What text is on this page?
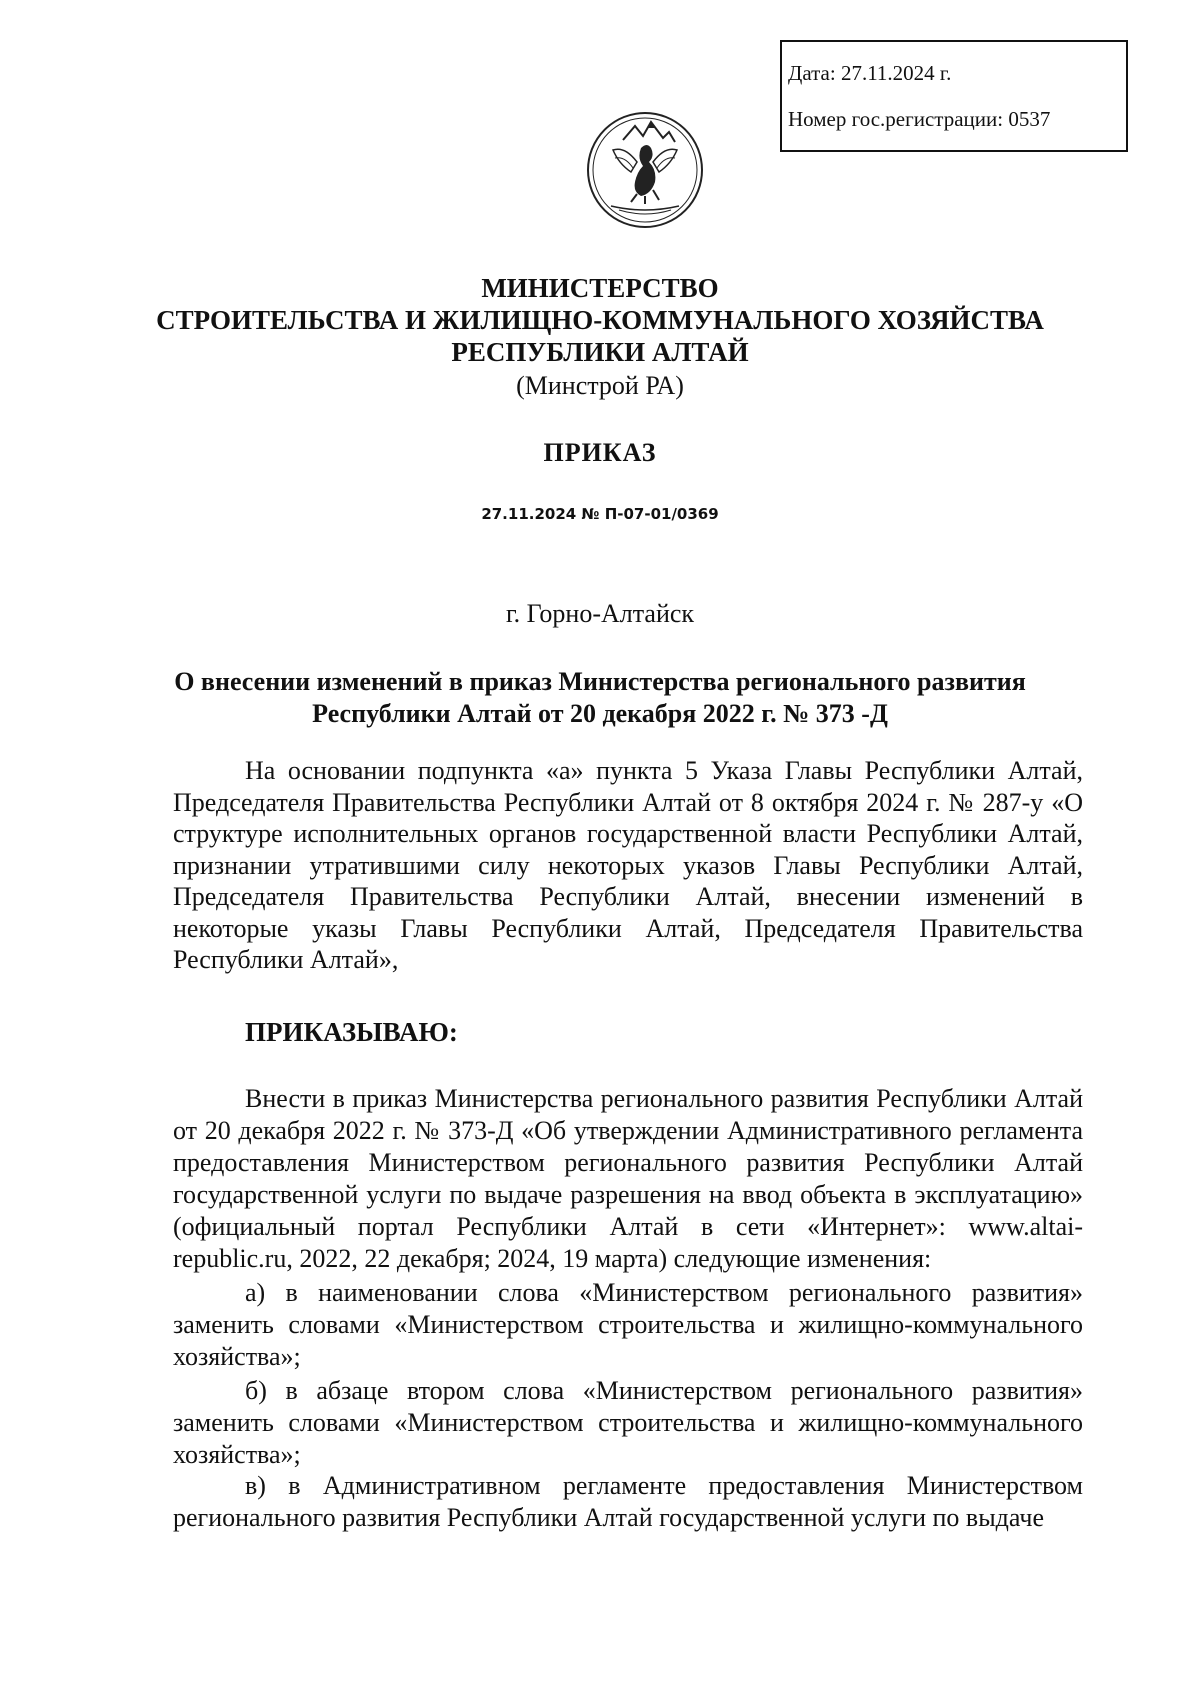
Дата: 27.11.2024 г.
Номер гос.регистрации: 0537
МИНИСТЕРСТВО
СТРОИТЕЛЬСТВА И ЖИЛИЩНО-КОММУНАЛЬНОГО ХОЗЯЙСТВА
РЕСПУБЛИКИ АЛТАЙ
(Минстрой РА)
ПРИКАЗ
27.11.2024 № П-07-01/0369
г. Горно-Алтайск
О внесении изменений в приказ Министерства регионального развития
Республики Алтай от 20 декабря 2022 г. № 373 -Д
На основании подпункта «а» пункта 5 Указа Главы Республики Алтай, Председателя Правительства Республики Алтай от 8 октября 2024 г. № 287-у «О структуре исполнительных органов государственной власти Республики Алтай, признании утратившими силу некоторых указов Главы Республики Алтай, Председателя Правительства Республики Алтай, внесении изменений в некоторые указы Главы Республики Алтай, Председателя Правительства Республики Алтай»,
ПРИКАЗЫВАЮ:
Внести в приказ Министерства регионального развития Республики Алтай от 20 декабря 2022 г. № 373-Д «Об утверждении Административного регламента предоставления Министерством регионального развития Республики Алтай государственной услуги по выдаче разрешения на ввод объекта в эксплуатацию» (официальный портал Республики Алтай в сети «Интернет»: www.altai-republic.ru, 2022, 22 декабря; 2024, 19 марта) следующие изменения:
а) в наименовании слова «Министерством регионального развития» заменить словами «Министерством строительства и жилищно-коммунального хозяйства»;
б) в абзаце втором слова «Министерством регионального развития» заменить словами «Министерством строительства и жилищно-коммунального хозяйства»;
в) в Административном регламенте предоставления Министерством регионального развития Республики Алтай государственной услуги по выдаче
